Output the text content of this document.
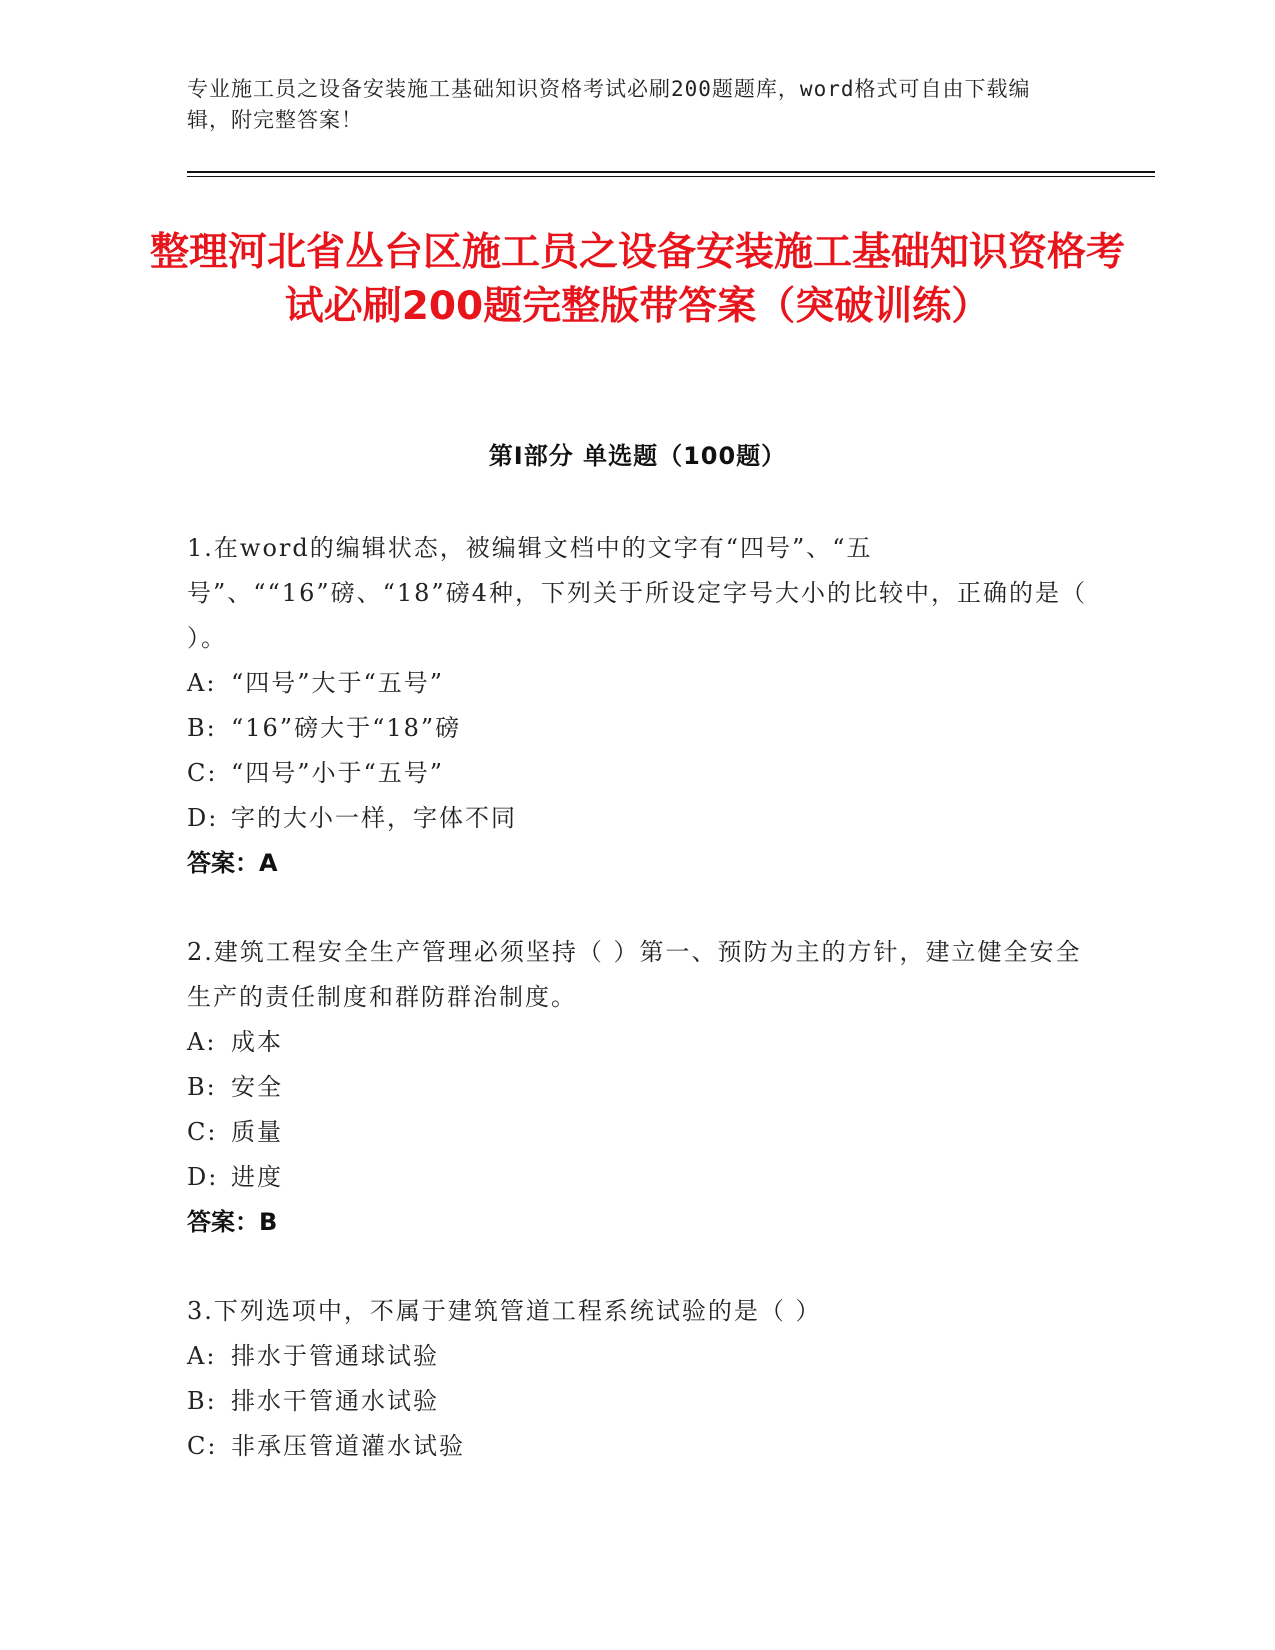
专业施工员之设备安装施工基础知识资格考试必刷200题题库，word格式可自由下载编辑，附完整答案！
整理河北省丛台区施工员之设备安装施工基础知识资格考试必刷200题完整版带答案（突破训练）
第Ⅰ部分 单选题（100题）
1.在word的编辑状态，被编辑文档中的文字有“四号”、“五号”、““16”磅、“18”磅4种，下列关于所设定字号大小的比较中，正确的是（ ）。
A: “四号”大于“五号”
B: “16”磅大于“18”磅
C: “四号”小于“五号”
D: 字的大小一样，字体不同
答案：A
2.建筑工程安全生产管理必须坚持（ ）第一、预防为主的方针，建立健全安全生产的责任制度和群防群治制度。
A: 成本
B: 安全
C: 质量
D: 进度
答案：B
3.下列选项中，不属于建筑管道工程系统试验的是（ ）
A: 排水于管通球试验
B: 排水干管通水试验
C: 非承压管道灌水试验
